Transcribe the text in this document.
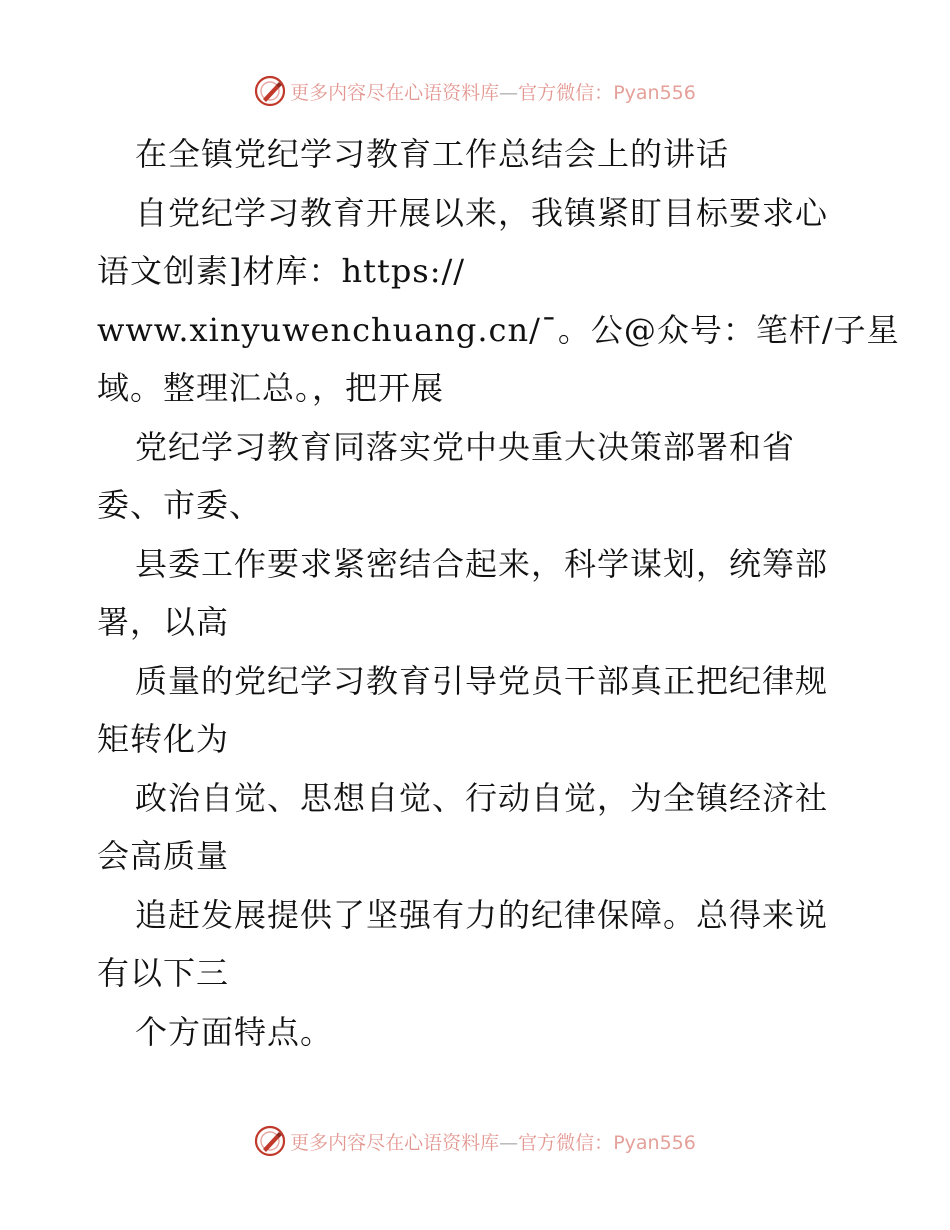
更多内容尽在心语资料库—官方微信：Pyan556
在全镇党纪学习教育工作总结会上的讲话
自党纪学习教育开展以来，我镇紧盯目标要求心
语文创素]材库：https://
www.xinyuwenchuang.cn/¯。公@众号：笔杆/子星
域。整理汇总。，把开展
党纪学习教育同落实党中央重大决策部署和省
委、市委、
县委工作要求紧密结合起来，科学谋划，统筹部
署，以高
质量的党纪学习教育引导党员干部真正把纪律规
矩转化为
政治自觉、思想自觉、行动自觉，为全镇经济社
会高质量
追赶发展提供了坚强有力的纪律保障。总得来说
有以下三
个方面特点。
更多内容尽在心语资料库—官方微信：Pyan556
